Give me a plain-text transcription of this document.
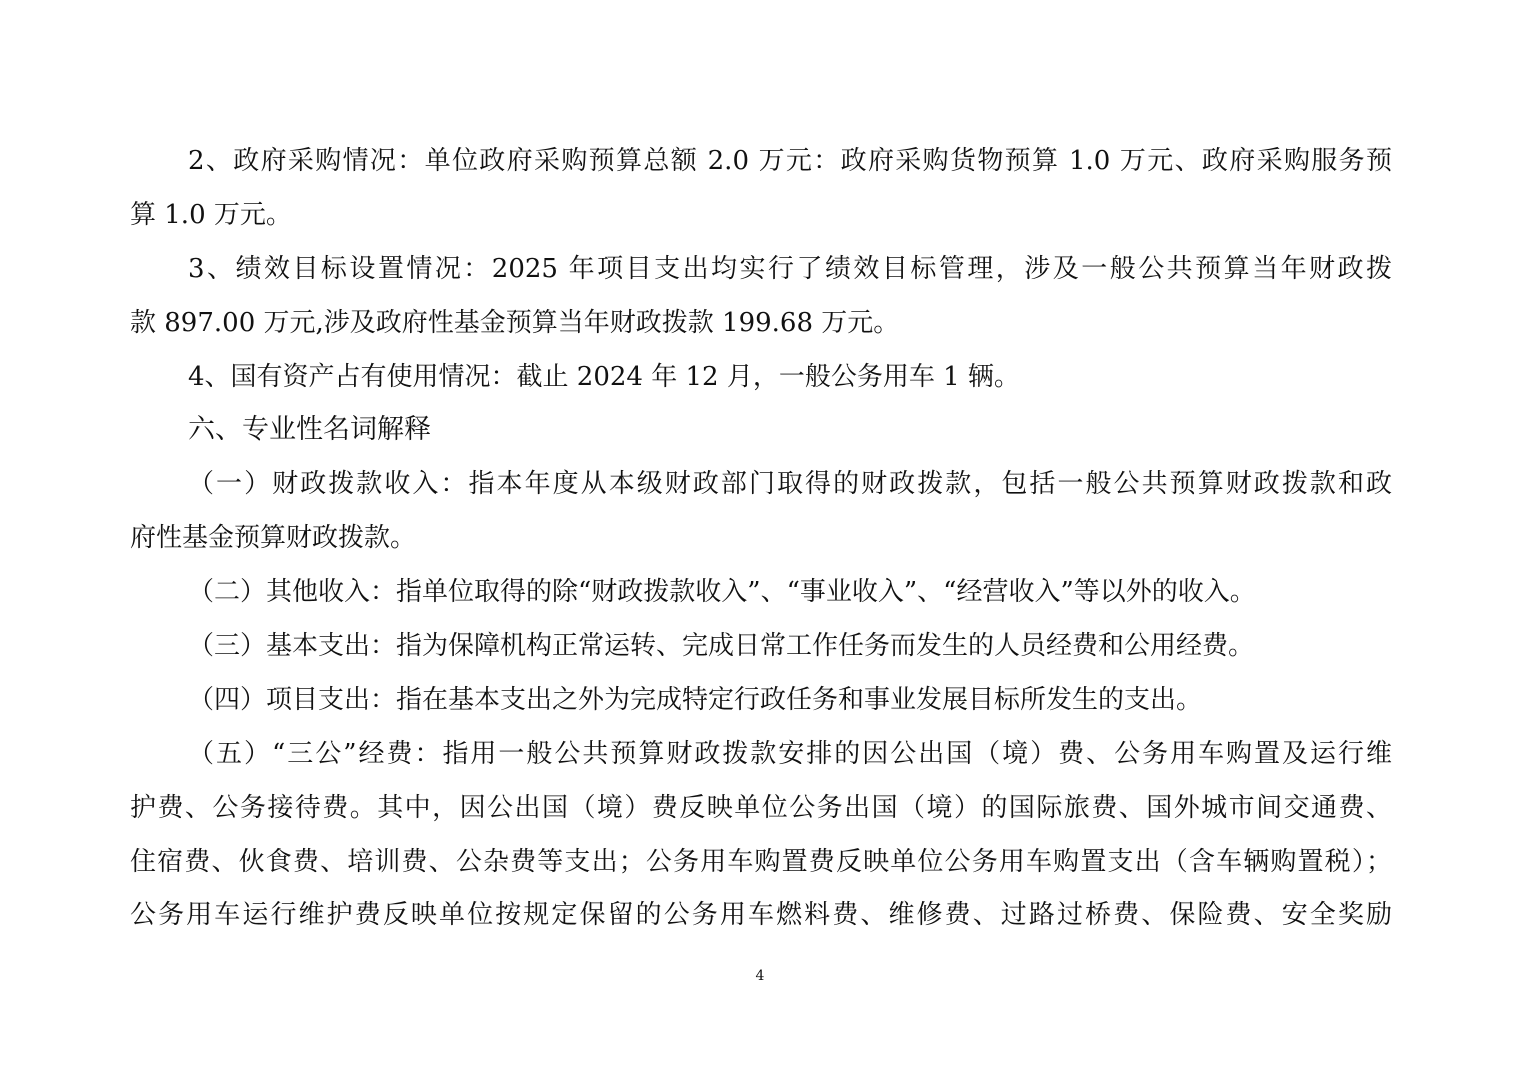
2、政府采购情况：单位政府采购预算总额 2.0 万元：政府采购货物预算 1.0 万元、政府采购服务预
算 1.0 万元。
3、绩效目标设置情况：2025 年项目支出均实行了绩效目标管理，涉及一般公共预算当年财政拨
款 897.00 万元,涉及政府性基金预算当年财政拨款 199.68 万元。
4、国有资产占有使用情况：截止 2024 年 12 月，一般公务用车 1 辆。
六、专业性名词解释
（一）财政拨款收入：指本年度从本级财政部门取得的财政拨款，包括一般公共预算财政拨款和政
府性基金预算财政拨款。
（二）其他收入：指单位取得的除“财政拨款收入”、“事业收入”、“经营收入”等以外的收入。
（三）基本支出：指为保障机构正常运转、完成日常工作任务而发生的人员经费和公用经费。
（四）项目支出：指在基本支出之外为完成特定行政任务和事业发展目标所发生的支出。
（五）“三公”经费：指用一般公共预算财政拨款安排的因公出国（境）费、公务用车购置及运行维
护费、公务接待费。其中，因公出国（境）费反映单位公务出国（境）的国际旅费、国外城市间交通费、
住宿费、伙食费、培训费、公杂费等支出；公务用车购置费反映单位公务用车购置支出（含车辆购置税）；
公务用车运行维护费反映单位按规定保留的公务用车燃料费、维修费、过路过桥费、保险费、安全奖励
4
